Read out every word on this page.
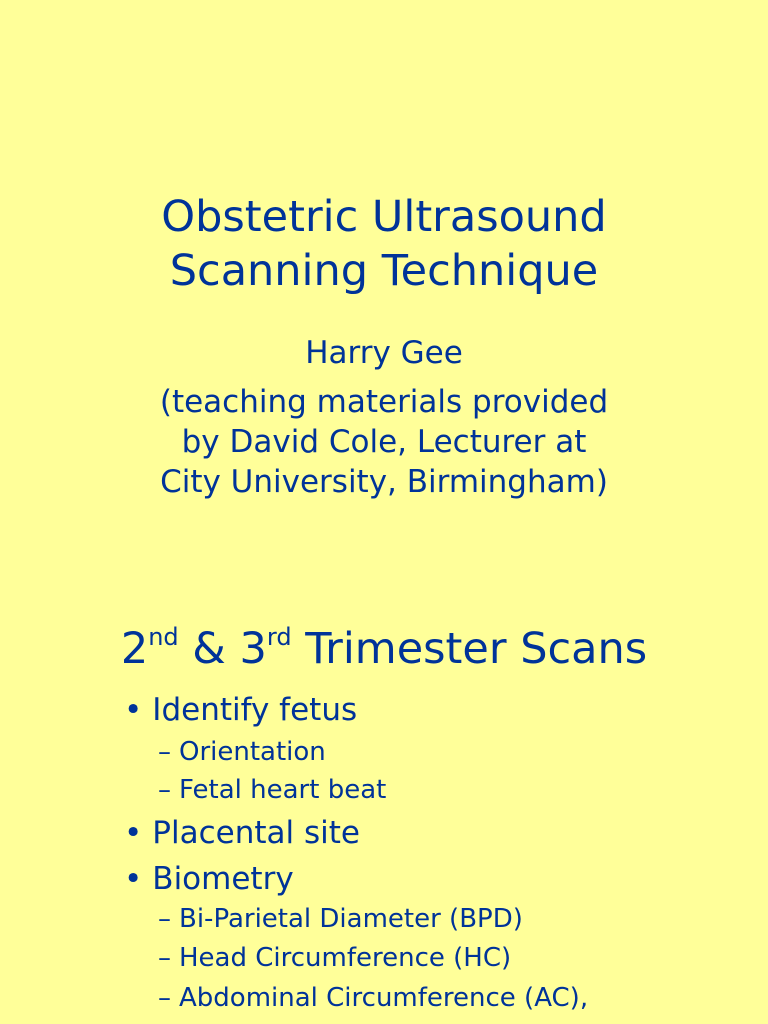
Obstetric Ultrasound
Scanning Technique
Harry Gee
(teaching materials provided
by David Cole, Lecturer at
City University, Birmingham)
2nd & 3rd Trimester Scans
• Identify fetus
– Orientation
– Fetal heart beat
• Placental site
• Biometry
– Bi-Parietal Diameter (BPD)
– Head Circumference (HC)
– Abdominal Circumference (AC),
